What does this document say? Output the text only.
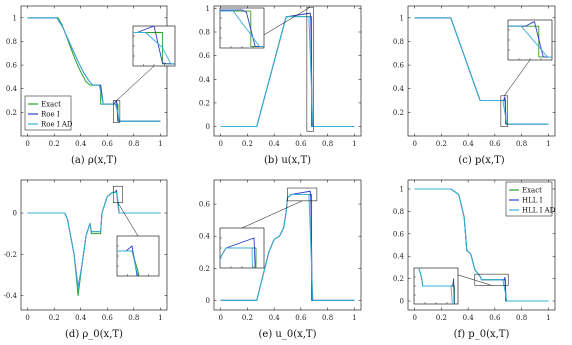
0	0.2 0.4 0.6 0.8	1
0.2
0.4
0.6
0.8
1
Exact
Roe I
Roe I AD
(a) ρ(x,T)
0	0.2 0.4 0.6 0.8	1
0
0.2
0.4
0.6
0.8
1
(b) u(x,T)
0	0.2 0.4 0.6 0.8	1
0.2
0.4
0.6
0.8
1
(c) p(x,T)
0	0.2 0.4 0.6 0.8	1
-0.4
-0.2
0
(d) ρ_0(x,T)
0	0.2 0.4 0.6 0.8	1
0
0.2
0.4
0.6
(e) u_0(x,T)
0	0.2 0.4 0.6 0.8	1
0
0.2
0.4
0.6
0.8
1	Exact
HLL I
HLL I AD
(f) p_0(x,T)
